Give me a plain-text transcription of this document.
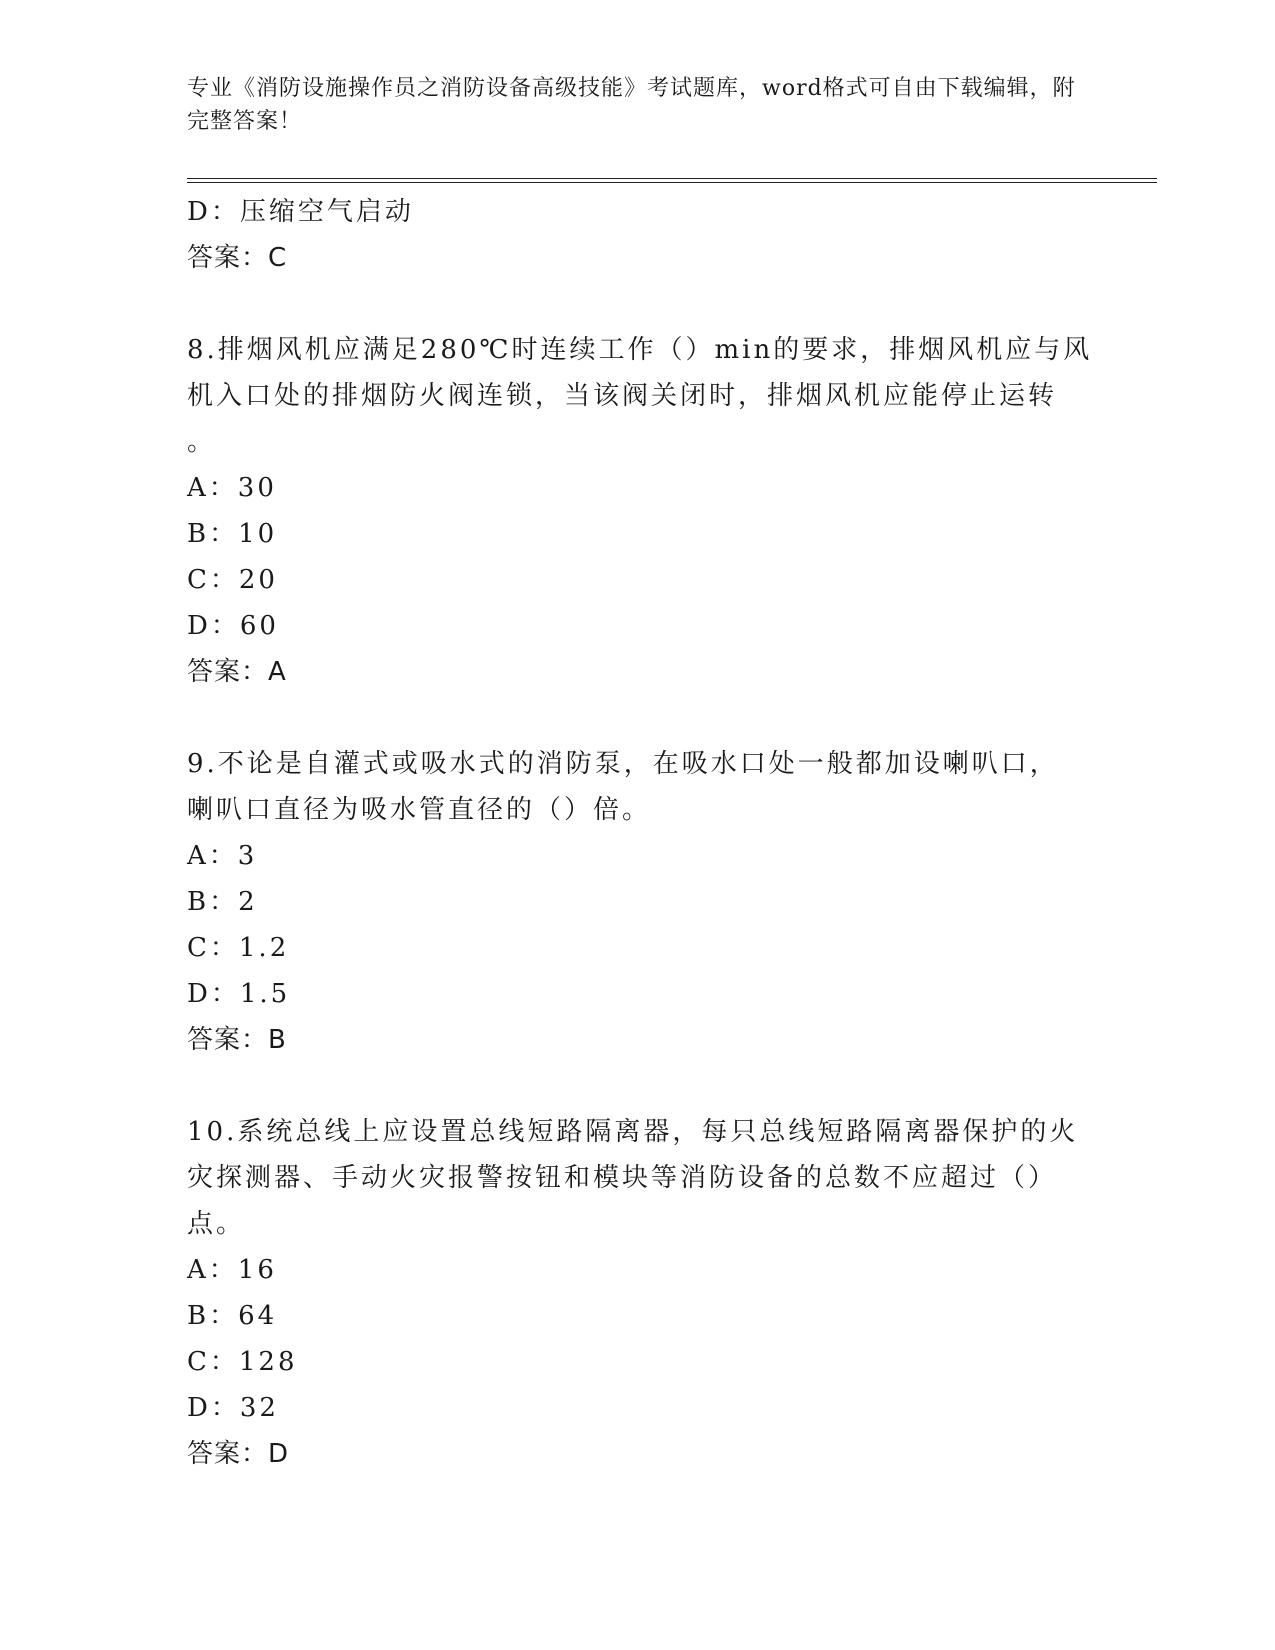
专业《消防设施操作员之消防设备高级技能》考试题库，word格式可自由下载编辑，附完整答案！
D：压缩空气启动
答案：C
8.排烟风机应满足280℃时连续工作（）min的要求，排烟风机应与风
机入口处的排烟防火阀连锁，当该阀关闭时，排烟风机应能停止运转
。
A：30
B：10
C：20
D：60
答案：A
9.不论是自灌式或吸水式的消防泵，在吸水口处一般都加设喇叭口，
喇叭口直径为吸水管直径的（）倍。
A：3
B：2
C：1.2
D：1.5
答案：B
10.系统总线上应设置总线短路隔离器，每只总线短路隔离器保护的火
灾探测器、手动火灾报警按钮和模块等消防设备的总数不应超过（）
点。
A：16
B：64
C：128
D：32
答案：D
